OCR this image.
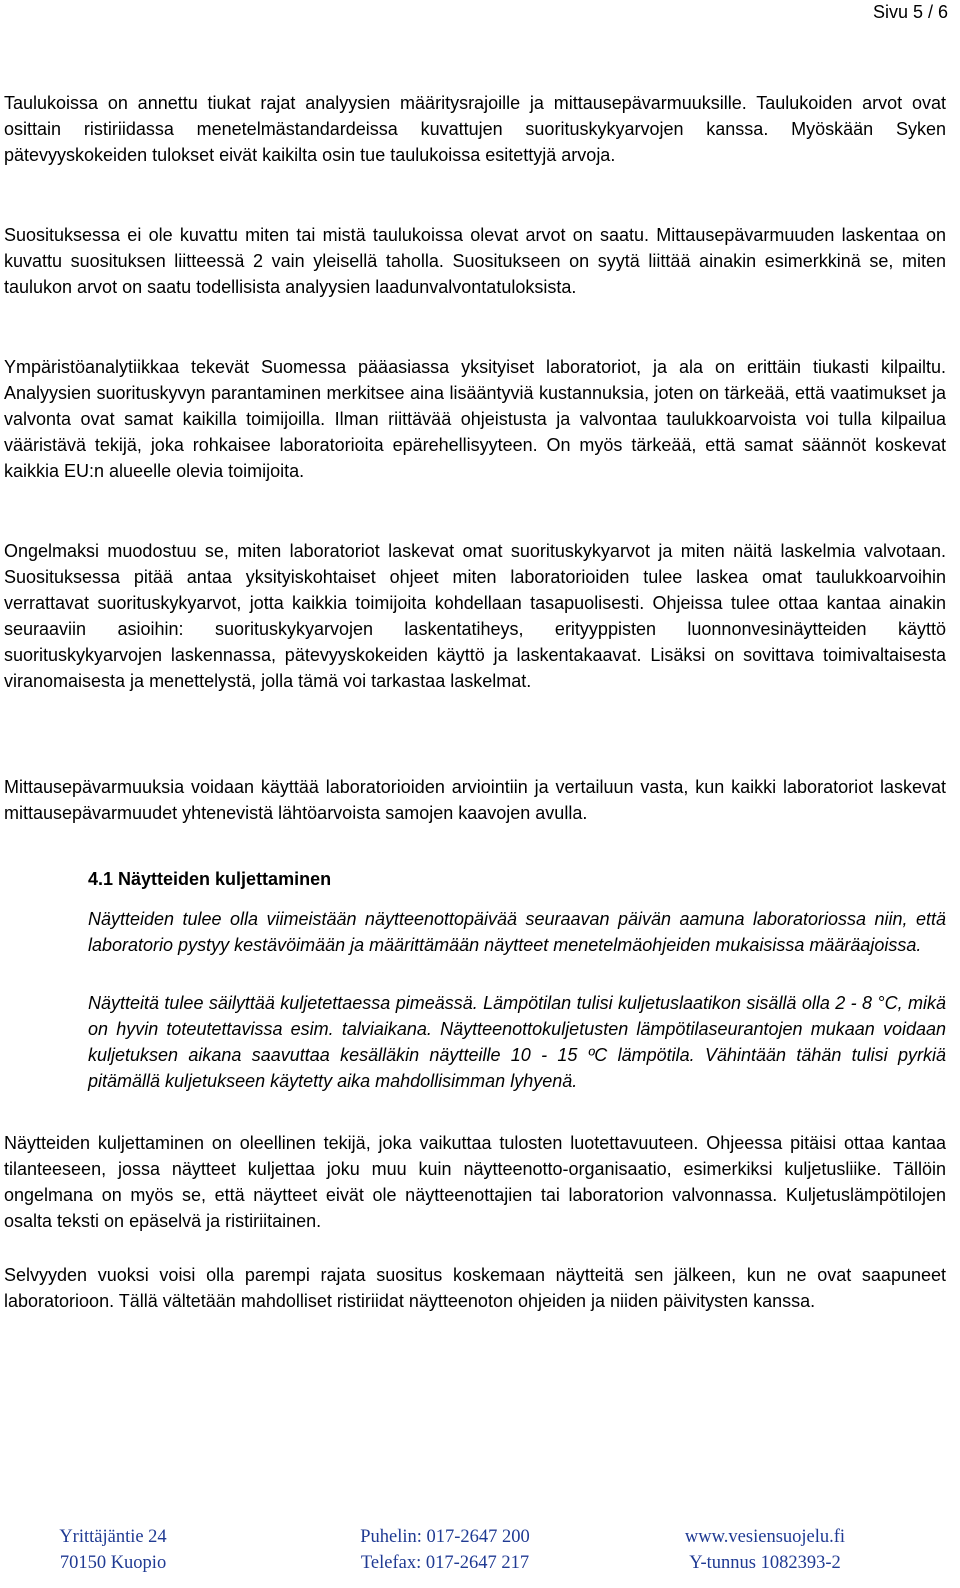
Sivu 5 / 6

Taulukoissa on annettu tiukat rajat analyysien määritysrajoille ja mittausepävarmuuksille. Taulukoiden arvot ovat osittain ristiriidassa menetelmästandardeissa kuvattujen suorituskykyarvojen kanssa. Myöskään Syken pätevyyskokeiden tulokset eivät kaikilta osin tue taulukoissa esitettyjä arvoja.

Suosituksessa ei ole kuvattu miten tai mistä taulukoissa olevat arvot on saatu. Mittausepävarmuuden laskentaa on kuvattu suosituksen liitteessä 2 vain yleisellä taholla. Suositukseen on syytä liittää ainakin esimerkkinä se, miten taulukon arvot on saatu todellisista analyysien laadunvalvontatuloksista.

Ympäristöanalytiikkaa tekevät Suomessa pääasiassa yksityiset laboratoriot, ja ala on erittäin tiukasti kilpailtu. Analyysien suorituskyvyn parantaminen merkitsee aina lisääntyviä kustannuksia, joten on tärkeää, että vaatimukset ja valvonta ovat samat kaikilla toimijoilla. Ilman riittävää ohjeistusta ja valvontaa taulukkoarvoista voi tulla kilpailua vääristävä tekijä, joka rohkaisee laboratorioita epärehellisyyteen. On myös tärkeää, että samat säännöt koskevat kaikkia EU:n alueelle olevia toimijoita.

Ongelmaksi muodostuu se, miten laboratoriot laskevat omat suorituskykyarvot ja miten näitä laskelmia valvotaan. Suosituksessa pitää antaa yksityiskohtaiset ohjeet miten laboratorioiden tulee laskea omat taulukkoarvoihin verrattavat suorituskykyarvot, jotta kaikkia toimijoita kohdellaan tasapuolisesti. Ohjeissa tulee ottaa kantaa ainakin seuraaviin asioihin: suorituskykyarvojen laskentatiheys, erityyppisten luonnonvesinäytteiden käyttö suorituskykyarvojen laskennassa, pätevyyskokeiden käyttö ja laskentakaavat. Lisäksi on sovittava toimivaltaisesta viranomaisesta ja menettelystä, jolla tämä voi tarkastaa laskelmat.

Mittausepävarmuuksia voidaan käyttää laboratorioiden arviointiin ja vertailuun vasta, kun kaikki laboratoriot laskevat mittausepävarmuudet yhtenevistä lähtöarvoista samojen kaavojen avulla.

4.1 Näytteiden kuljettaminen

Näytteiden tulee olla viimeistään näytteenottopäivää seuraavan päivän aamuna laboratoriossa niin, että laboratorio pystyy kestävöimään ja määrittämään näytteet menetelmäohjeiden mukaisissa määräajoissa.

Näytteitä tulee säilyttää kuljetettaessa pimeässä. Lämpötilan tulisi kuljetuslaatikon sisällä olla 2 - 8 °C, mikä on hyvin toteutettavissa esim. talviaikana. Näytteenottokuljetusten lämpötilaseurantojen mukaan voidaan kuljetuksen aikana saavuttaa kesälläkin näytteille 10 - 15 ºC lämpötila. Vähintään tähän tulisi pyrkiä pitämällä kuljetukseen käytetty aika mahdollisimman lyhyenä.

Yrittäjäntie 24
70150 Kuopio
Puhelin: 017-2647 200
Telefax: 017-2647 217
www.vesiensuojelu.fi
Y-tunnus 1082393-2

Näytteiden kuljettaminen on oleellinen tekijä, joka vaikuttaa tulosten luotettavuuteen. Ohjeessa pitäisi ottaa kantaa tilanteeseen, jossa näytteet kuljettaa joku muu kuin näytteenotto-organisaatio, esimerkiksi kuljetusliike. Tällöin ongelmana on myös se, että näytteet eivät ole näytteenottajien tai laboratorion valvonnassa. Kuljetuslämpötilojen osalta teksti on epäselvä ja ristiriitainen.

Selvyyden vuoksi voisi olla parempi rajata suositus koskemaan näytteitä sen jälkeen, kun ne ovat saapuneet laboratorioon. Tällä vältetään mahdolliset ristiriidat näytteenoton ohjeiden ja niiden päivitysten kanssa.
